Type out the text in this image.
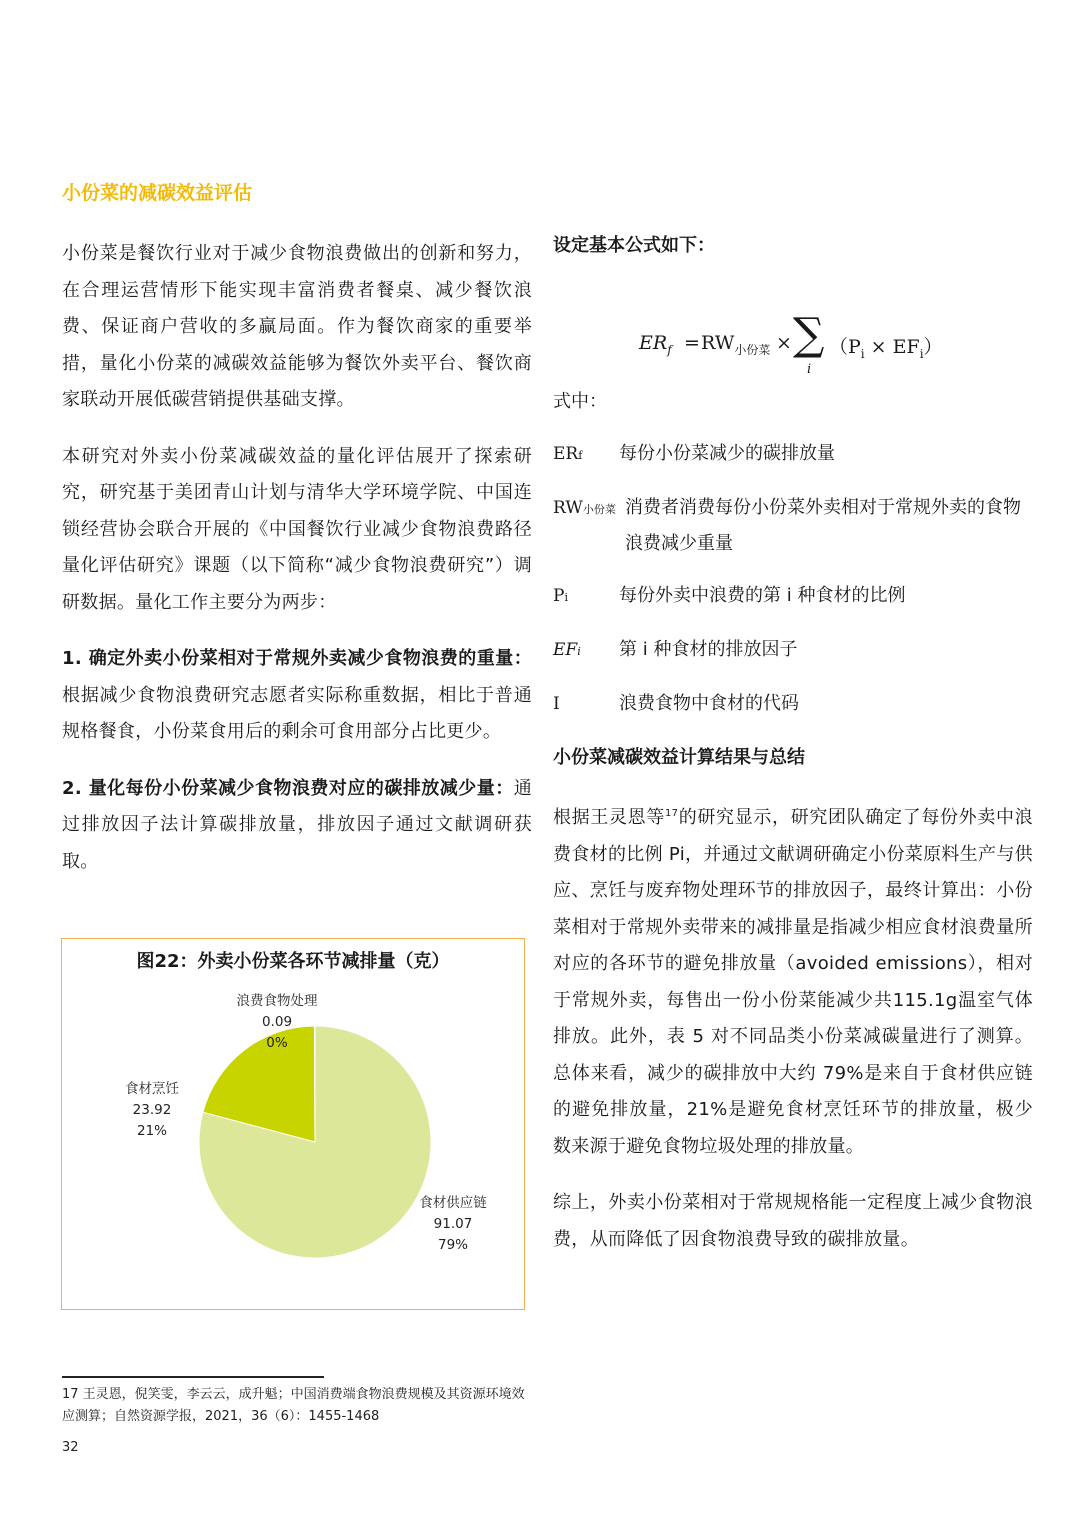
小份菜的减碳效益评估

小份菜是餐饮行业对于减少食物浪费做出的创新和努力，在合理运营情形下能实现丰富消费者餐桌、减少餐饮浪费、保证商户营收的多赢局面。作为餐饮商家的重要举措，量化小份菜的减碳效益能够为餐饮外卖平台、餐饮商家联动开展低碳营销提供基础支撑。

本研究对外卖小份菜减碳效益的量化评估展开了探索研究，研究基于美团青山计划与清华大学环境学院、中国连锁经营协会联合开展的《中国餐饮行业减少食物浪费路径量化评估研究》课题（以下简称“减少食物浪费研究”）调研数据。量化工作主要分为两步：

1. 确定外卖小份菜相对于常规外卖减少食物浪费的重量：根据减少食物浪费研究志愿者实际称重数据，相比于普通规格餐食，小份菜食用后的剩余可食用部分占比更少。

2. 量化每份小份菜减少食物浪费对应的碳排放减少量：通过排放因子法计算碳排放量，排放因子通过文献调研获取。

图22：外卖小份菜各环节减排量（克）
浪费食物处理
0.09
0%
食材烹饪
23.92
21%
食材供应链
91.07
79%

设定基本公式如下：

$ER_f = RW_{小份菜}$ × ∑
i
$(P_i \times EF_i)$

式中：

ERf 每份小份菜减少的碳排放量
RW小份菜 消费者消费每份小份菜外卖相对于常规外卖的食物浪费减少重量
Pi	每份外卖中浪费的第 i 种食材的比例
EFi 第 i 种食材的排放因子
I	浪费食物中食材的代码

小份菜减碳效益计算结果与总结

根据王灵恩等$^{17}$的研究显示，研究团队确定了每份外卖中浪费食材的比例 Pi，并通过文献调研确定小份菜原料生产与供应、烹饪与废弃物处理环节的排放因子，最终计算出：小份菜相对于常规外卖带来的减排量是指减少相应食材浪费量所对应的各环节的避免排放量（avoided emissions），相对于常规外卖，每售出一份小份菜能减少共115.1g温室气体排放。此外，表 5 对不同品类小份菜减碳量进行了测算。总体来看，减少的碳排放中大约 79%是来自于食材供应链的避免排放量，21%是避免食材烹饪环节的排放量，极少数来源于避免食物垃圾处理的排放量。

综上，外卖小份菜相对于常规规格能一定程度上减少食物浪费，从而降低了因食物浪费导致的碳排放量。

17 王灵恩，倪笑雯，李云云，成升魁；中国消费端食物浪费规模及其资源环境效应测算；自然资源学报，2021，36（6）：1455-1468
32
